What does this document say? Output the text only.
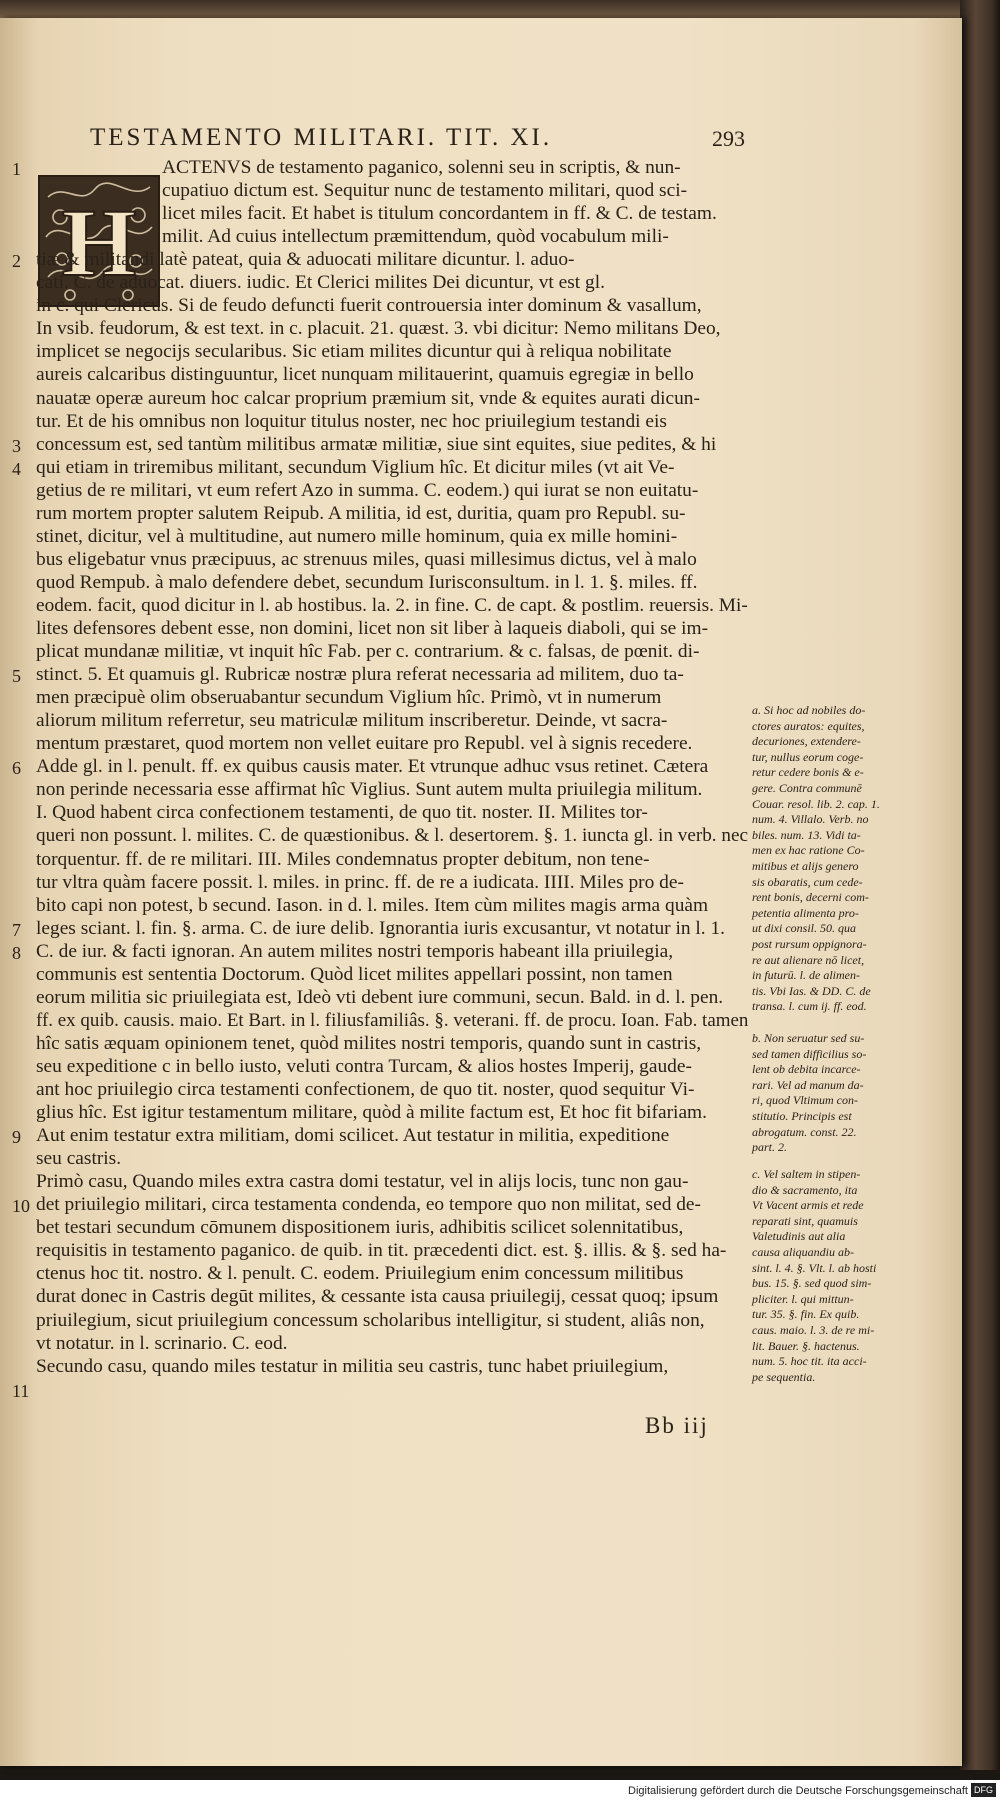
TESTAMENTO MILITARI. TIT. XI.	293
H
ACTENVS de testamento paganico, solenni seu in scriptis, & nun-
cupatiuo dictum est. Sequitur nunc de testamento militari, quod sci-
licet miles facit. Et habet is titulum concordantem in ff. & C. de testam.
milit. Ad cuius intellectum præmittendum, quòd vocabulum mili-
tiæ & militandi latè pateat, quia & aduocati militare dicuntur. l. aduo-
cati. C. de aduocat. diuers. iudic. Et Clerici milites Dei dicuntur, vt est gl.
in c. qui Clericus. Si de feudo defuncti fuerit controuersia inter dominum & vasallum,
In vsib. feudorum, & est text. in c. placuit. 21. quæst. 3. vbi dicitur: Nemo militans Deo,
implicet se negocijs secularibus. Sic etiam milites dicuntur qui à reliqua nobilitate
aureis calcaribus distinguuntur, licet nunquam militauerint, quamuis egregiæ in bello
nauatæ operæ aureum hoc calcar proprium præmium sit, vnde & equites aurati dicun-
tur. Et de his omnibus non loquitur titulus noster, nec hoc priuilegium testandi eis
concessum est, sed tantùm militibus armatæ militiæ, siue sint equites, siue pedites, & hi
qui etiam in triremibus militant, secundum Viglium hîc. Et dicitur miles (vt ait Ve-
getius de re militari, vt eum refert Azo in summa. C. eodem.) qui iurat se non euitatu-
rum mortem propter salutem Reipub. A militia, id est, duritia, quam pro Republ. su-
stinet, dicitur, vel à multitudine, aut numero mille hominum, quia ex mille homini-
bus eligebatur vnus præcipuus, ac strenuus miles, quasi millesimus dictus, vel à malo
quod Rempub. à malo defendere debet, secundum Iurisconsultum. in l. 1. §. miles. ff.
eodem. facit, quod dicitur in l. ab hostibus. la. 2. in fine. C. de capt. & postlim. reuersis. Mi-
lites defensores debent esse, non domini, licet non sit liber à laqueis diaboli, qui se im-
plicat mundanæ militiæ, vt inquit hîc Fab. per c. contrarium. & c. falsas, de pœnit. di-
stinct. 5. Et quamuis gl. Rubricæ nostræ plura referat necessaria ad militem, duo ta-
men præcipuè olim obseruabantur secundum Viglium hîc. Primò, vt in numerum
aliorum militum referretur, seu matriculæ militum inscriberetur. Deinde, vt sacra-
mentum præstaret, quod mortem non vellet euitare pro Republ. vel à signis recedere.
Adde gl. in l. penult. ff. ex quibus causis mater. Et vtrunque adhuc vsus retinet. Cætera
non perinde necessaria esse affirmat hîc Viglius. Sunt autem multa priuilegia militum.
I. Quod habent circa confectionem testamenti, de quo tit. noster. II. Milites tor-
queri non possunt. l. milites. C. de quæstionibus. & l. desertorem. §. 1. iuncta gl. in verb. nec
torquentur. ff. de re militari. III. Miles condemnatus propter debitum, non tene-
tur vltra quàm facere possit. l. miles. in princ. ff. de re a iudicata. IIII. Miles pro de-
bito capi non potest, b secund. Iason. in d. l. miles. Item cùm milites magis arma quàm
leges sciant. l. fin. §. arma. C. de iure delib. Ignorantia iuris excusantur, vt notatur in l. 1.
C. de iur. & facti ignoran. An autem milites nostri temporis habeant illa priuilegia,
communis est sententia Doctorum. Quòd licet milites appellari possint, non tamen
eorum militia sic priuilegiata est, Ideò vti debent iure communi, secun. Bald. in d. l. pen.
ff. ex quib. causis. maio. Et Bart. in l. filiusfamiliâs. §. veterani. ff. de procu. Ioan. Fab. tamen
hîc satis æquam opinionem tenet, quòd milites nostri temporis, quando sunt in castris,
seu expeditione c in bello iusto, veluti contra Turcam, & alios hostes Imperij, gaude-
ant hoc priuilegio circa testamenti confectionem, de quo tit. noster, quod sequitur Vi-
glius hîc. Est igitur testamentum militare, quòd à milite factum est, Et hoc fit bifariam.
Aut enim testatur extra militiam, domi scilicet. Aut testatur in militia, expeditione
seu castris.
Primò casu, Quando miles extra castra domi testatur, vel in alijs locis, tunc non gau-
det priuilegio militari, circa testamenta condenda, eo tempore quo non militat, sed de-
bet testari secundum cōmunem dispositionem iuris, adhibitis scilicet solennitatibus,
requisitis in testamento paganico. de quib. in tit. præcedenti dict. est. §. illis. & §. sed ha-
ctenus hoc tit. nostro. & l. penult. C. eodem. Priuilegium enim concessum militibus
durat donec in Castris degūt milites, & cessante ista causa priuilegij, cessat quoq; ipsum
priuilegium, sicut priuilegium concessum scholaribus intelligitur, si student, aliâs non,
vt notatur. in l. scrinario. C. eod.
Secundo casu, quando miles testatur in militia seu castris, tunc habet priuilegium,
1
2
3
4
5
6
7
8
9
10
11
a. Si hoc ad nobiles do-
ctores auratos: equites,
decuriones, extendere-
tur, nullus eorum coge-
retur cedere bonis & e-
gere. Contra communē
Couar. resol. lib. 2. cap. 1.
num. 4. Villalo. Verb. no
biles. num. 13. Vidi ta-
men ex hac ratione Co-
mitibus et alijs genero
sis obaratis, cum cede-
rent bonis, decerni com-
petentia alimenta pro-
ut dixi consil. 50. qua
post rursum oppignora-
re aut alienare nō licet,
in futurū. l. de alimen-
tis. Vbi Ias. & DD. C. de
transa. l. cum ij. ff. eod.
b. Non seruatur sed su-
sed tamen difficilius so-
lent ob debita incarce-
rari. Vel ad manum da-
ri, quod Vltimum con-
stitutio. Principis est
abrogatum. const. 22.
part. 2.
c. Vel saltem in stipen-
dio & sacramento, ita
Vt Vacent armis et rede
reparati sint, quamuis
Valetudinis aut alia
causa aliquandiu ab-
sint. l. 4. §. Vlt. l. ab hosti
bus. 15. §. sed quod sim-
pliciter. l. qui mittun-
tur. 35. §. fin. Ex quib.
caus. maio. l. 3. de re mi-
lit. Bauer. §. hactenus.
num. 5. hoc tit. ita acci-
pe sequentia.
Bb iij
Digitalisierung gefördert durch die Deutsche Forschungsgemeinschaft DFG
